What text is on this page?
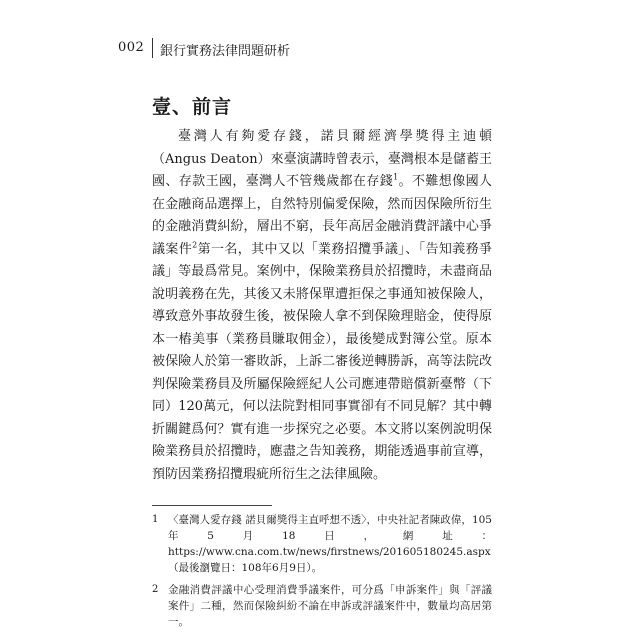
002 銀行實務法律問題研析
壹、前言

臺灣人有夠愛存錢，諾貝爾經濟學獎得主迪頓（Angus Deaton）來臺演講時曾表示，臺灣根本是儲蓄王國、存款王國，臺灣人不管幾歲都在存錢$^1$。不難想像國人在金融商品選擇上，自然特別偏愛保險，然而因保險所衍生的金融消費糾紛，層出不窮，長年高居金融消費評議中心爭議案件$^2$第一名，其中又以「業務招攬爭議」、「告知義務爭議」等最爲常見。案例中，保險業務員於招攬時，未盡商品說明義務在先，其後又未將保單遭拒保之事通知被保險人，導致意外事故發生後，被保險人拿不到保險理賠金，使得原本一樁美事（業務員賺取佣金），最後變成對簿公堂。原本被保險人於第一審敗訴，上訴二審後逆轉勝訴，高等法院改判保險業務員及所屬保險經紀人公司應連帶賠償新臺幣（下同）120萬元，何以法院對相同事實卻有不同見解？其中轉折關鍵爲何？實有進一步探究之必要。本文將以案例說明保險業務員於招攬時，應盡之告知義務，期能透過事前宣導，預防因業務招攬瑕疵所衍生之法律風險。

1 〈臺灣人愛存錢 諾貝爾獎得主直呼想不透〉，中央社記者陳政偉，105年5月18日，網址：https://www.cna.com.tw/news/firstnews/201605180245.aspx（最後瀏覽日：108年6月9日）。

2 金融消費評議中心受理消費爭議案件，可分爲「申訴案件」與「評議案件」二種，然而保險糾紛不論在申訴或評議案件中，數量均高居第一。
